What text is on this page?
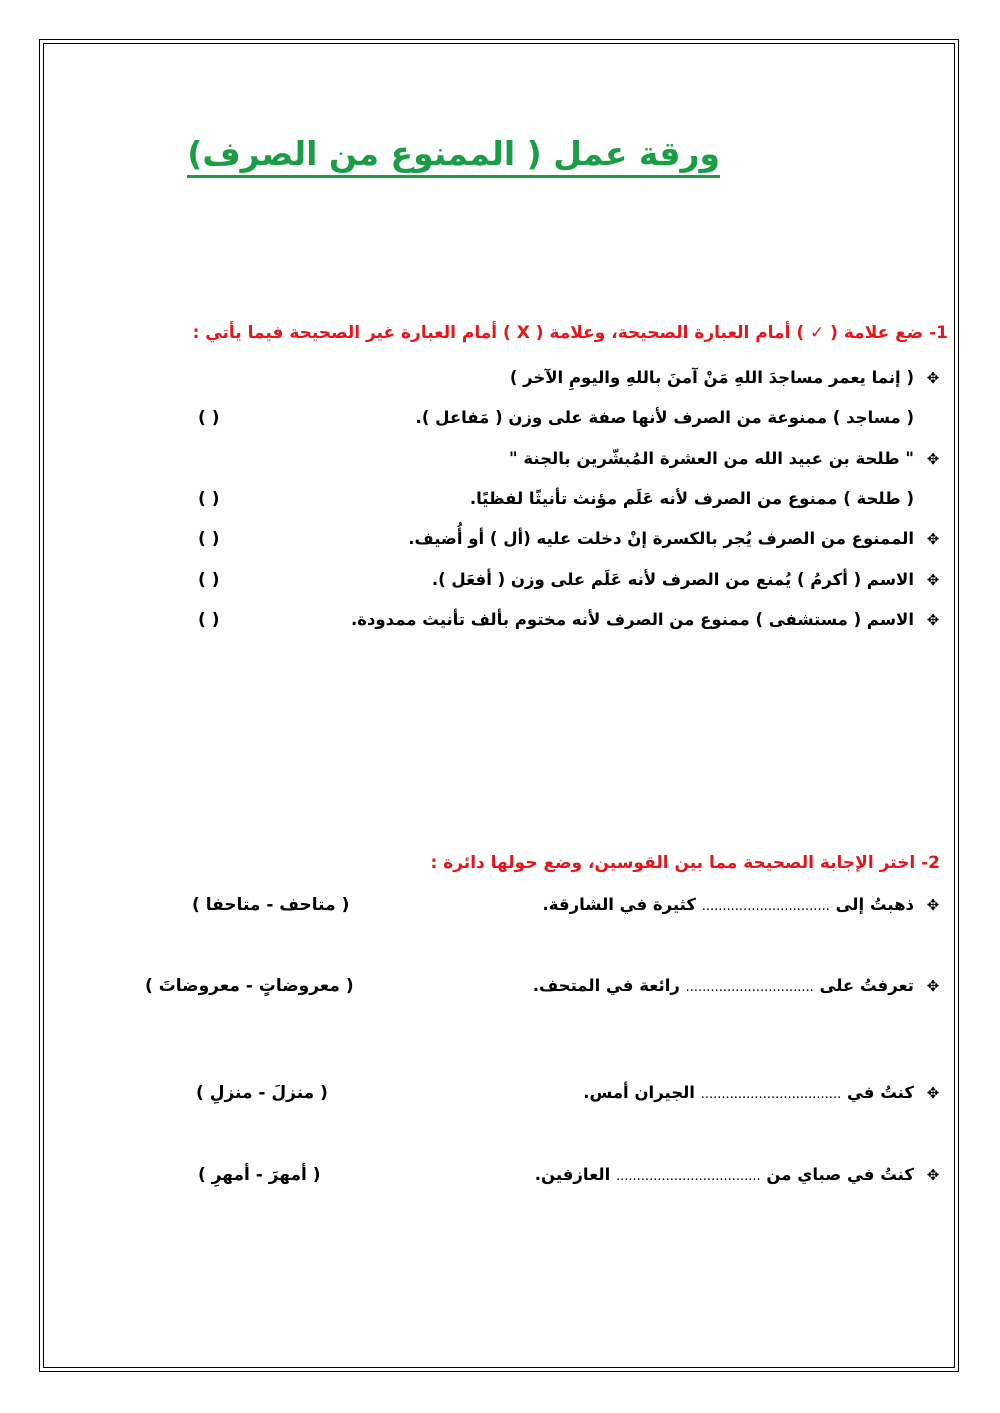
ورقة عمل ( الممنوع من الصرف)
1- ضع علامة ( ✓ ) أمام العبارة الصحيحة، وعلامة ( X ) أمام العبارة غير الصحيحة فيما يأتي :
✥( إنما يعمر مساجدَ اللهِ مَنْ آمنَ باللهِ واليومِ الآخر )
( مساجد ) ممنوعة من الصرف لأنها صفة على وزن ( مَفاعل ).
( )
✥" طلحة بن عبيد الله من العشرة المُبشّرين بالجنة "
( طلحة ) ممنوع من الصرف لأنه عَلَم مؤنث تأنيثًا لفظيًا.
( )
✥الممنوع من الصرف يُجر بالكسرة إنْ دخلت عليه (أل ) أو أُضيف.
( )
✥الاسم ( أكرمُ ) يُمنع من الصرف لأنه عَلَم على وزن ( أفعَل ).
( )
✥الاسم ( مستشفى ) ممنوع من الصرف لأنه مختوم بألف تأنيث ممدودة.
( )
2- اختر الإجابة الصحيحة مما بين القوسين، وضع حولها دائرة :
✥ذهبتُ إلى ............................... كثيرة في الشارقة.
( متاحف - متاحفا )
✥تعرفتُ على ............................... رائعة في المتحف.
( معروضاتٍ - معروضاتَ )
✥كنتُ في .................................. الجيران أمس.
( منزلَ - منزلِ )
✥كنتُ في صباي من ................................... العازفين.
( أمهرَ - أمهرِ )
